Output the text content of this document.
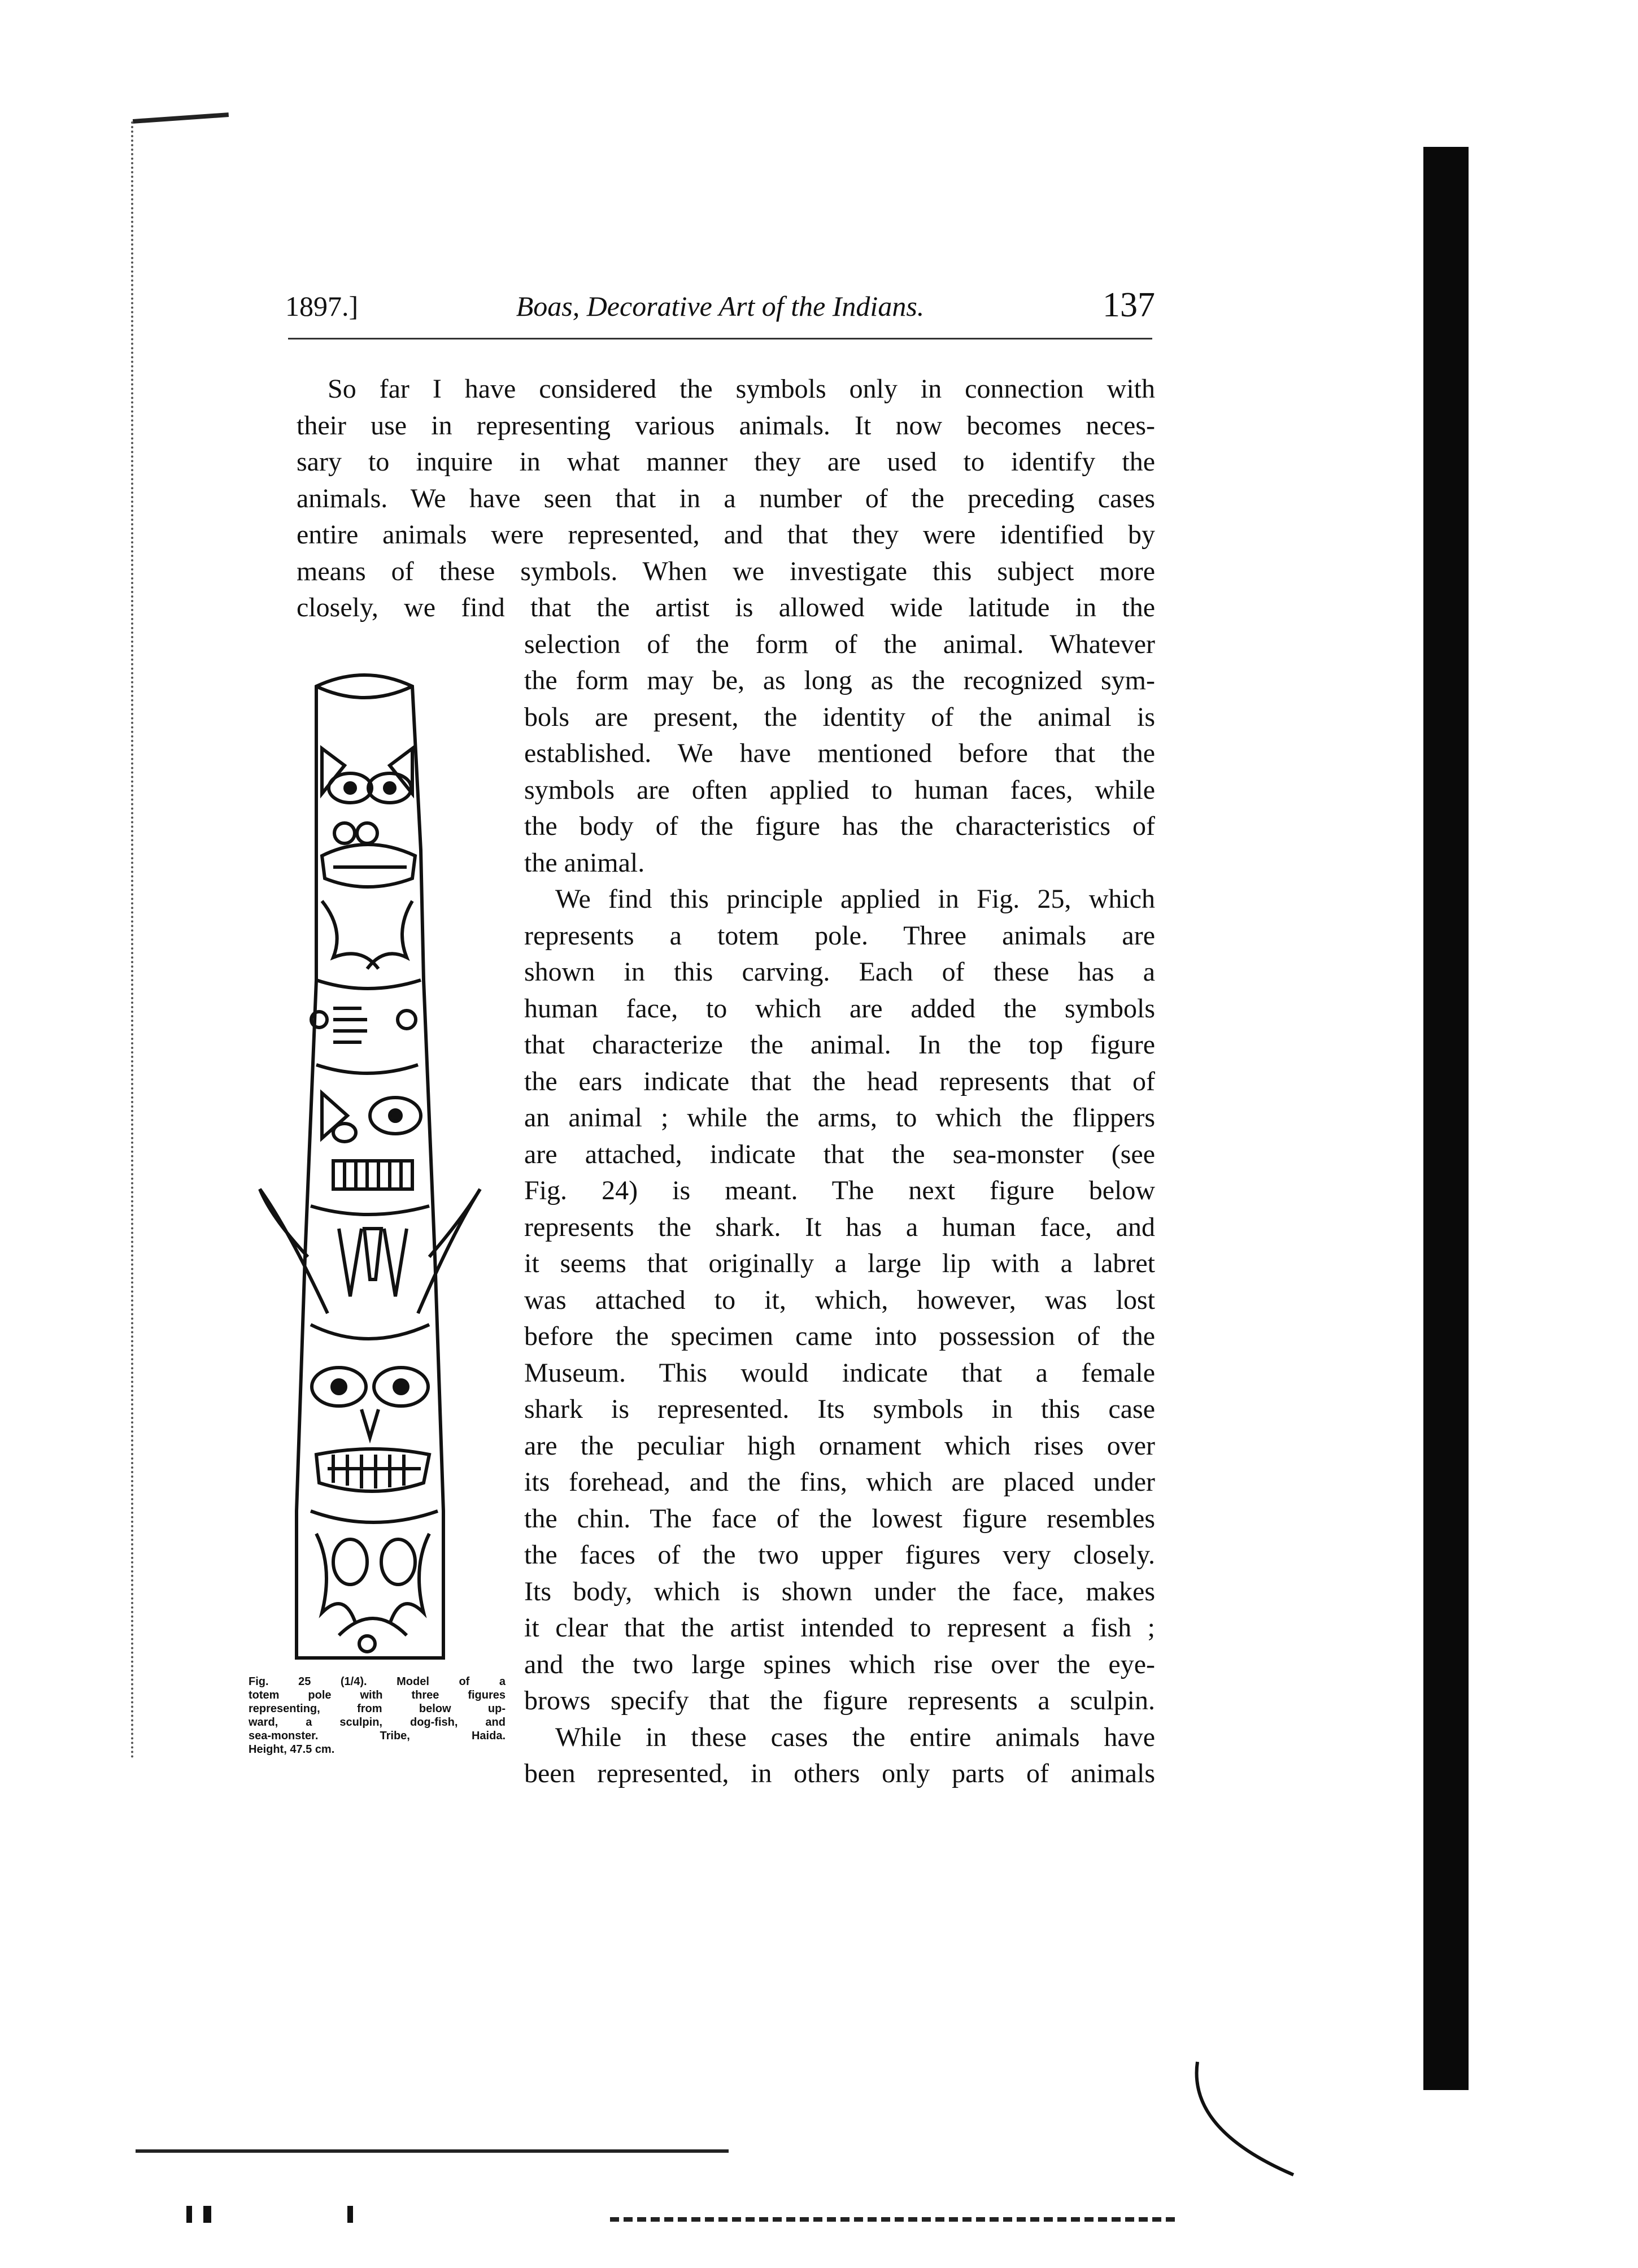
1897.]	Boas, Decorative Art of the Indians.	137
So far I have considered the symbols only in connection with
their use in representing various animals. It now becomes neces-
sary to inquire in what manner they are used to identify the
animals. We have seen that in a number of the preceding cases
entire animals were represented, and that they were identified by
means of these symbols. When we investigate this subject more
closely, we find that the artist is allowed wide latitude in the
selection of the form of the animal. Whatever
the form may be, as long as the recognized sym-
bols are present, the identity of the animal is
established. We have mentioned before that the
symbols are often applied to human faces, while
the body of the figure has the characteristics of
the animal.
We find this principle applied in Fig. 25, which
represents a totem pole. Three animals are
shown in this carving. Each of these has a
human face, to which are added the symbols
that characterize the animal. In the top figure
the ears indicate that the head represents that of
an animal ; while the arms, to which the flippers
are attached, indicate that the sea-monster (see
Fig. 24) is meant. The next figure below
represents the shark. It has a human face, and
it seems that originally a large lip with a labret
was attached to it, which, however, was lost
before the specimen came into possession of the
Museum. This would indicate that a female
shark is represented. Its symbols in this case
are the peculiar high ornament which rises over
its forehead, and the fins, which are placed under
the chin. The face of the lowest figure resembles
the faces of the two upper figures very closely.
Its body, which is shown under the face, makes
it clear that the artist intended to represent a fish ;
and the two large spines which rise over the eye-
brows specify that the figure represents a sculpin.
While in these cases the entire animals have
been represented, in others only parts of animals
Fig. 25 (1/4). Model of a
totem pole with three figures
representing, from below up-
ward, a sculpin, dog-fish, and
sea-monster. Tribe, Haida.
Height, 47.5 cm.
